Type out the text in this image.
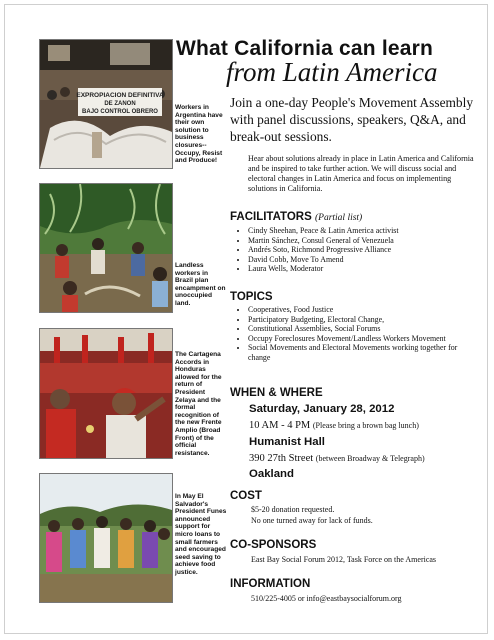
EXPROPIACION DEFINITIVA
DE ZANON
BAJO CONTROL OBRERO
Workers in Argentina have their own solution to business closures--Occupy, Resist and Produce!
Landless workers in Brazil plan encampment on unoccupied land.
The Cartagena Accords in Honduras allowed for the return of President Zelaya and the formal recognition of the new Frente Amplio (Broad Front) of the official resistance.
In May El Salvador's President Funes announced support for micro loans to small farmers and encouraged seed saving to achieve food justice.
What California can learn
from Latin America
Join a one-day People's Movement Assembly with panel discussions, speakers, Q&A, and break-out sessions.
Hear about solutions already in place in Latin America and California and be inspired to take further action. We will discuss social and electoral changes in Latin America and focus on implementing solutions in California.
FACILITATORS (Partial list)
• Cindy Sheehan, Peace & Latin America activist
• Martin Sánchez, Consul General of Venezuela
• Andrés Soto, Richmond Progressive Alliance
• David Cobb, Move To Amend
• Laura Wells, Moderator
TOPICS
• Cooperatives, Food Justice
• Participatory Budgeting, Electoral Change,
• Constitutional Assemblies, Social Forums
• Occupy Foreclosures Movement/Landless Workers Movement
• Social Movements and Electoral Movements working together for change
WHEN & WHERE
Saturday, January 28, 2012
10 AM - 4 PM (Please bring a brown bag lunch)
Humanist Hall
390 27th Street (between Broadway & Telegraph)
Oakland
COST
$5-20 donation requested.
No one turned away for lack of funds.
CO-SPONSORS
East Bay Social Forum 2012, Task Force on the Americas
INFORMATION
510/225-4005 or info@eastbaysocialforum.org
